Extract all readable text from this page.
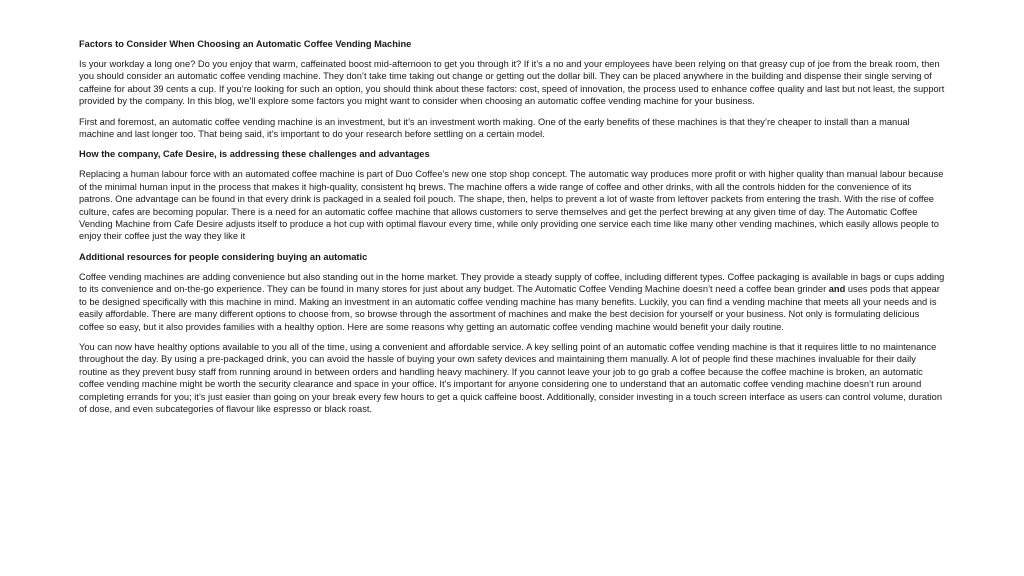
Factors to Consider When Choosing an Automatic Coffee Vending Machine

Is your workday a long one? Do you enjoy that warm, caffeinated boost mid-afternoon to get you through it? If it’s a no and your employees have been relying on that greasy cup of joe from the break room, then you should consider an automatic coffee vending machine. They don’t take time taking out change or getting out the dollar bill. They can be placed anywhere in the building and dispense their single serving of caffeine for about 39 cents a cup. If you’re looking for such an option, you should think about these factors: cost, speed of innovation, the process used to enhance coffee quality and last but not least, the support provided by the company. In this blog, we’ll explore some factors you might want to consider when choosing an automatic coffee vending machine for your business.

First and foremost, an automatic coffee vending machine is an investment, but it’s an investment worth making. One of the early benefits of these machines is that they’re cheaper to install than a manual machine and last longer too. That being said, it’s important to do your research before settling on a certain model.

How the company, Cafe Desire, is addressing these challenges and advantages

Replacing a human labour force with an automated coffee machine is part of Duo Coffee’s new one stop shop concept. The automatic way produces more profit or with higher quality than manual labour because of the minimal human input in the process that makes it high-quality, consistent hq brews. The machine offers a wide range of coffee and other drinks, with all the controls hidden for the convenience of its patrons. One advantage can be found in that every drink is packaged in a sealed foil pouch. The shape, then, helps to prevent a lot of waste from leftover packets from entering the trash. With the rise of coffee culture, cafes are becoming popular. There is a need for an automatic coffee machine that allows customers to serve themselves and get the perfect brewing at any given time of day. The Automatic Coffee Vending Machine from Cafe Desire adjusts itself to produce a hot cup with optimal flavour every time, while only providing one service each time like many other vending machines, which easily allows people to enjoy their coffee just the way they like it

Additional resources for people considering buying an automatic

Coffee vending machines are adding convenience but also standing out in the home market. They provide a steady supply of coffee, including different types. Coffee packaging is available in bags or cups adding to its convenience and on-the-go experience. They can be found in many stores for just about any budget. The Automatic Coffee Vending Machine doesn’t need a coffee bean grinder and uses pods that appear to be designed specifically with this machine in mind. Making an investment in an automatic coffee vending machine has many benefits. Luckily, you can find a vending machine that meets all your needs and is easily affordable. There are many different options to choose from, so browse through the assortment of machines and make the best decision for yourself or your business. Not only is formulating delicious coffee so easy, but it also provides families with a healthy option. Here are some reasons why getting an automatic coffee vending machine would benefit your daily routine.

You can now have healthy options available to you all of the time, using a convenient and affordable service. A key selling point of an automatic coffee vending machine is that it requires little to no maintenance throughout the day. By using a pre-packaged drink, you can avoid the hassle of buying your own safety devices and maintaining them manually. A lot of people find these machines invaluable for their daily routine as they prevent busy staff from running around in between orders and handling heavy machinery. If you cannot leave your job to go grab a coffee because the coffee machine is broken, an automatic coffee vending machine might be worth the security clearance and space in your office. It’s important for anyone considering one to understand that an automatic coffee vending machine doesn’t run around completing errands for you; it’s just easier than going on your break every few hours to get a quick caffeine boost. Additionally, consider investing in a touch screen interface as users can control volume, duration of dose, and even subcategories of flavour like espresso or black roast.
